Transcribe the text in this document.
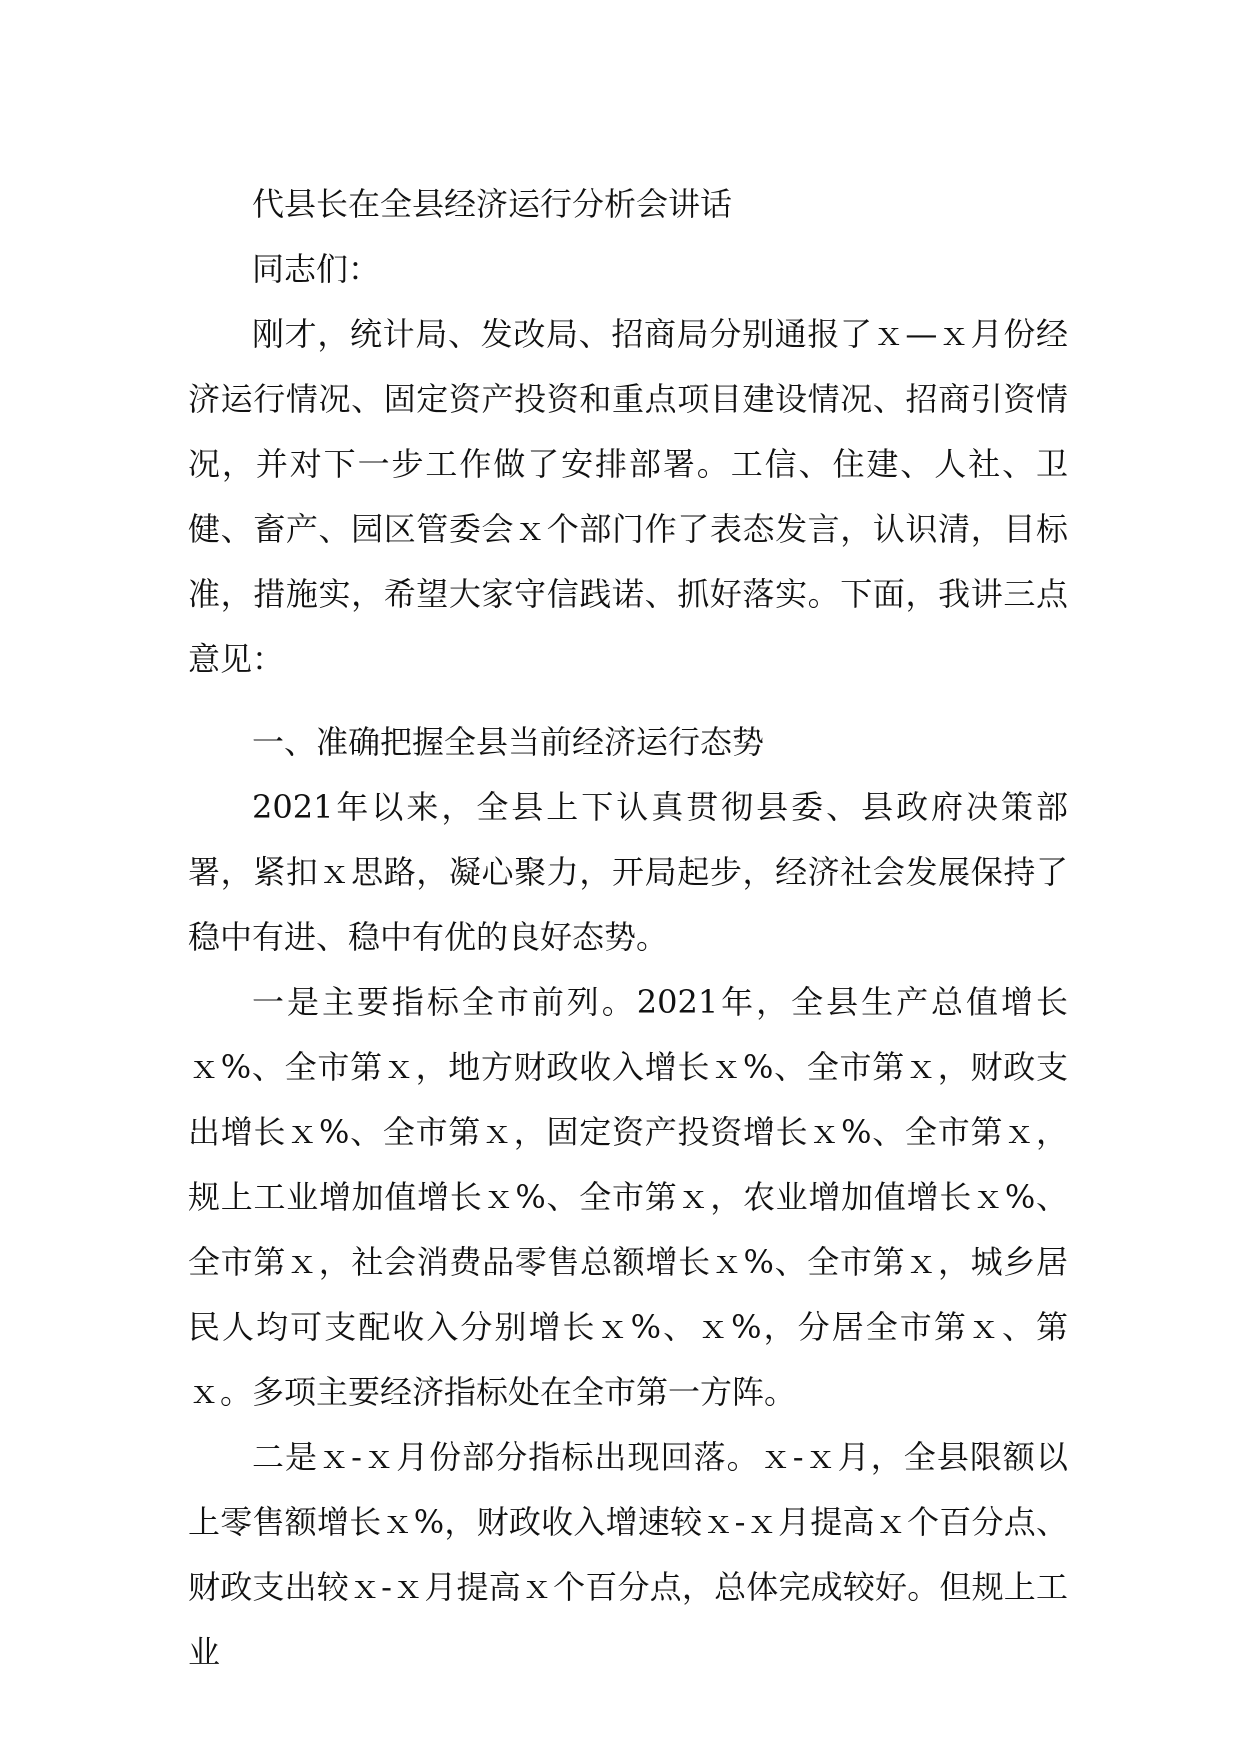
代县长在全县经济运行分析会讲话

同志们：

刚才，统计局、发改局、招商局分别通报了ｘ—ｘ月份经济运行情况、固定资产投资和重点项目建设情况、招商引资情况，并对下一步工作做了安排部署。工信、住建、人社、卫健、畜产、园区管委会ｘ个部门作了表态发言，认识清，目标准，措施实，希望大家守信践诺、抓好落实。下面，我讲三点意见：

一、准确把握全县当前经济运行态势

2021年以来，全县上下认真贯彻县委、县政府决策部署，紧扣ｘ思路，凝心聚力，开局起步，经济社会发展保持了稳中有进、稳中有优的良好态势。

一是主要指标全市前列。2021年，全县生产总值增长ｘ%、全市第ｘ，地方财政收入增长ｘ%、全市第ｘ，财政支出增长ｘ%、全市第ｘ，固定资产投资增长ｘ%、全市第ｘ，规上工业增加值增长ｘ%、全市第ｘ，农业增加值增长ｘ%、全市第ｘ，社会消费品零售总额增长ｘ%、全市第ｘ，城乡居民人均可支配收入分别增长ｘ%、ｘ%，分居全市第ｘ、第ｘ。多项主要经济指标处在全市第一方阵。

二是ｘ-ｘ月份部分指标出现回落。ｘ-ｘ月，全县限额以上零售额增长ｘ%，财政收入增速较ｘ-ｘ月提高ｘ个百分点、财政支出较ｘ-ｘ月提高ｘ个百分点，总体完成较好。但规上工业
